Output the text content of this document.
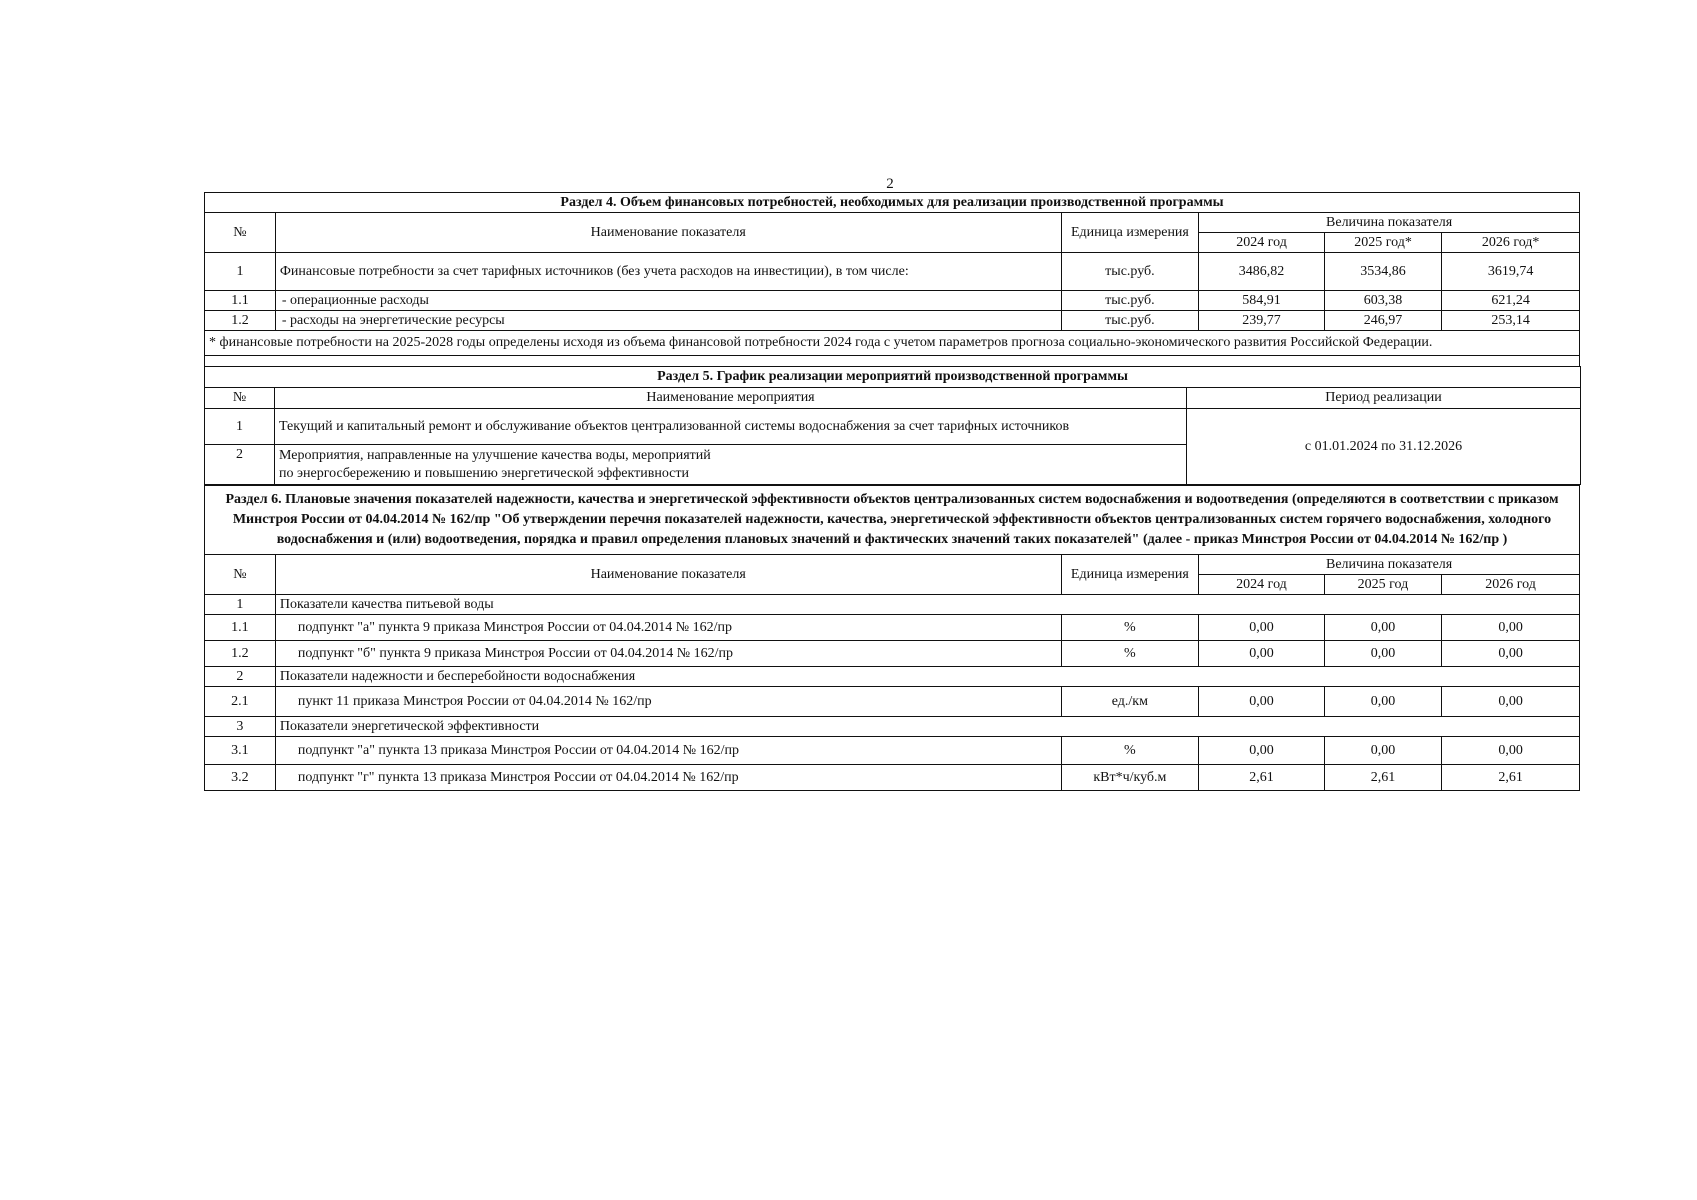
2
Раздел 4. Объем финансовых потребностей, необходимых для реализации производственной программы					
№	Наименование показателя	Единица измерения	Величина показателя		
			2024 год	2025 год*	2026 год*
1	Финансовые потребности за счет тарифных источников (без учета расходов на инвестиции), в том числе:	тыс.руб.	3486,82	3534,86	3619,74
1.1	- операционные расходы	тыс.руб.	584,91	603,38	621,24
1.2	- расходы на энергетические ресурсы	тыс.руб.	239,77	246,97	253,14
* финансовые потребности на 2025-2028 годы определены исходя из объема финансовой потребности 2024 года с учетом параметров прогноза социально-экономического развития Российской Федерации.					
Раздел 5. График реализации мероприятий производственной программы		
№	Наименование мероприятия	Период реализации
1	Текущий и капитальный ремонт и обслуживание объектов централизованной системы водоснабжения за счет тарифных источников	с 01.01.2024 по 31.12.2026
2	Мероприятия, направленные на улучшение качества воды, мероприятий
по энергосбережению и повышению энергетической эффективности	
Раздел 6. Плановые значения показателей надежности, качества и энергетической эффективности объектов централизованных систем водоснабжения и водоотведения (определяются в соответствии с приказом Минстроя России от 04.04.2014 № 162/пр "Об утверждении перечня показателей надежности, качества, энергетической эффективности объектов централизованных систем горячего водоснабжения, холодного водоснабжения и (или) водоотведения, порядка и правил определения плановых значений и фактических значений таких показателей" (далее - приказ Минстроя России от 04.04.2014 № 162/пр )					
№	Наименование показателя	Единица измерения	Величина показателя		
			2024 год	2025 год	2026 год
1	Показатели качества питьевой воды				
1.1	подпункт "а" пункта 9 приказа Минстроя России от 04.04.2014 № 162/пр	%	0,00	0,00	0,00
1.2	подпункт "б" пункта 9 приказа Минстроя России от 04.04.2014 № 162/пр	%	0,00	0,00	0,00
2	Показатели надежности и бесперебойности водоснабжения				
2.1	пункт 11 приказа Минстроя России от 04.04.2014 № 162/пр	ед./км	0,00	0,00	0,00
3	Показатели энергетической эффективности				
3.1	подпункт "а" пункта 13 приказа Минстроя России от 04.04.2014 № 162/пр	%	0,00	0,00	0,00
3.2	подпункт "г" пункта 13 приказа Минстроя России от 04.04.2014 № 162/пр	кВт*ч/куб.м	2,61	2,61	2,61
